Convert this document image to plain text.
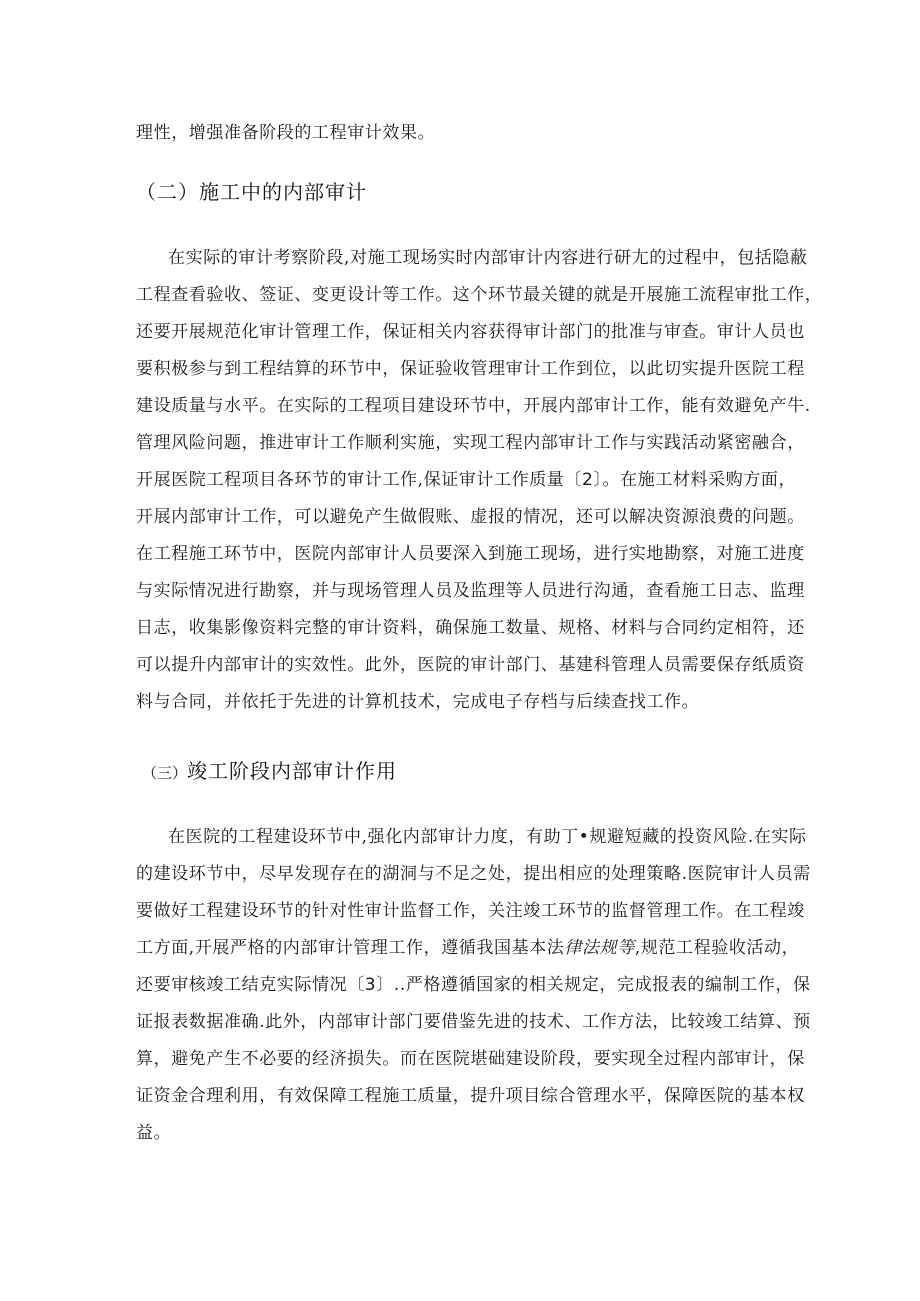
理性，增强准备阶段的工程审计效果。
（二）施工中的内部审计
在实际的审计考察阶段,对施工现场实时内部审计内容进行研尢的过程中，包括隐蔽
工程查看验收、签证、变更设计等工作。这个环节最关键的就是开展施工流程审批工作，
还要开展规范化审计管理工作，保证相关内容获得审计部门的批准与审查。审计人员也
要积极参与到工程结算的环节中，保证验收管理审计工作到位，以此切实提升医院工程
建设质量与水平。在实际的工程项目建设环节中，开展内部审计工作，能有效避免产牛.
管理风险问题，推进审计工作顺利实施，实现工程内部审计工作与实践活动紧密融合，
开展医院工程项目各环节的审计工作,保证审计工作质量〔2〕。在施工材料采购方面，
开展内部审计工作，可以避免产生做假账、虚报的情况，还可以解决资源浪费的问题。
在工程施工环节中，医院内部审计人员要深入到施工现场，进行实地勘察，对施工进度
与实际情况进行勘察，并与现场管理人员及监理等人员进行沟通，查看施工日志、监理
日志，收集影像资料完整的审计资料，确保施工数量、规格、材料与合同约定相符，还
可以提升内部审计的实效性。此外，医院的审计部门、基建科管理人员需要保存纸质资
料与合同，并依托于先进的计算机技术，完成电子存档与后续查找工作。
（三）竣工阶段内部审计作用
在医院的工程建设环节中,强化内部审计力度，有助丁•规避短藏的投资风险.在实际
的建设环节中，尽早发现存在的湖洞与不足之处，提出相应的处理策略.医院审计人员需
要做好工程建设环节的针对性审计监督工作，关注竣工环节的监督管理工作。在工程竣
工方面,开展严格的内部审计管理工作，遵循我国基本法律法规等,规范工程验收活动，
还要审核竣工结克实际情况〔3〕..严格遵循国家的相关规定，完成报表的编制工作，保
证报表数据准确.此外，内部审计部门要借鉴先进的技术、工作方法，比较竣工结算、预
算，避免产生不必要的经济损失。而在医院堪础建设阶段，要实现全过程内部审计，保
证资金合理利用，有效保障工程施工质量，提升项目综合管理水平，保障医院的基本权
益。
